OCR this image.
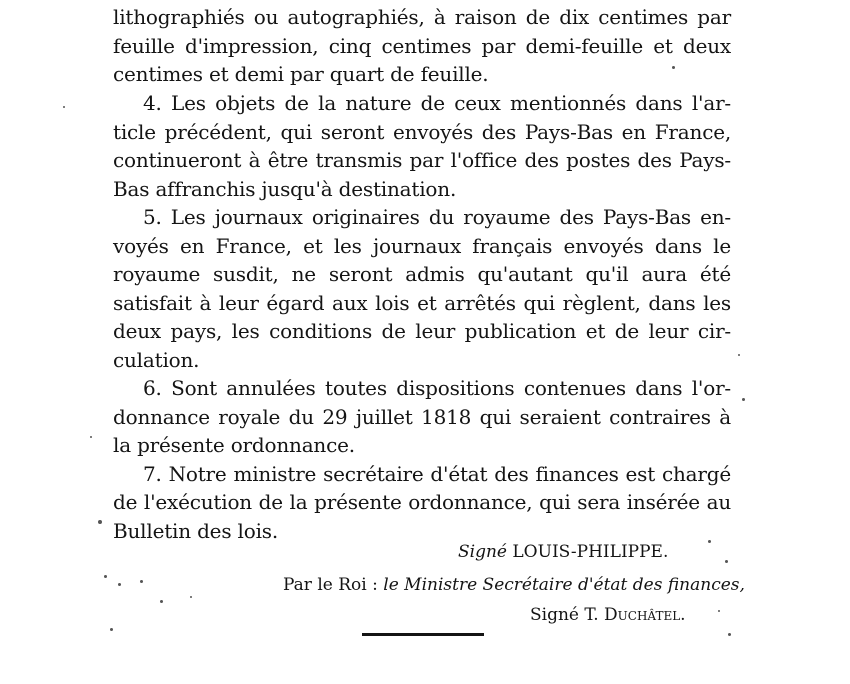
lithographiés ou autographiés, à raison de dix centimes par
feuille d'impression, cinq centimes par demi-feuille et deux
centimes et demi par quart de feuille.
4. Les objets de la nature de ceux mentionnés dans l'ar-
ticle précédent, qui seront envoyés des Pays-Bas en France,
continueront à être transmis par l'office des postes des Pays-
Bas affranchis jusqu'à destination.
5. Les journaux originaires du royaume des Pays-Bas en-
voyés en France, et les journaux français envoyés dans le
royaume susdit, ne seront admis qu'autant qu'il aura été
satisfait à leur égard aux lois et arrêtés qui règlent, dans les
deux pays, les conditions de leur publication et de leur cir-
culation.
6. Sont annulées toutes dispositions contenues dans l'or-
donnance royale du 29 juillet 1818 qui seraient contraires à
la présente ordonnance.
7. Notre ministre secrétaire d'état des finances est chargé
de l'exécution de la présente ordonnance, qui sera insérée au
Bulletin des lois.
Signé LOUIS-PHILIPPE.
Par le Roi : le Ministre Secrétaire d'état des finances,
Signé T. Duchâtel.
